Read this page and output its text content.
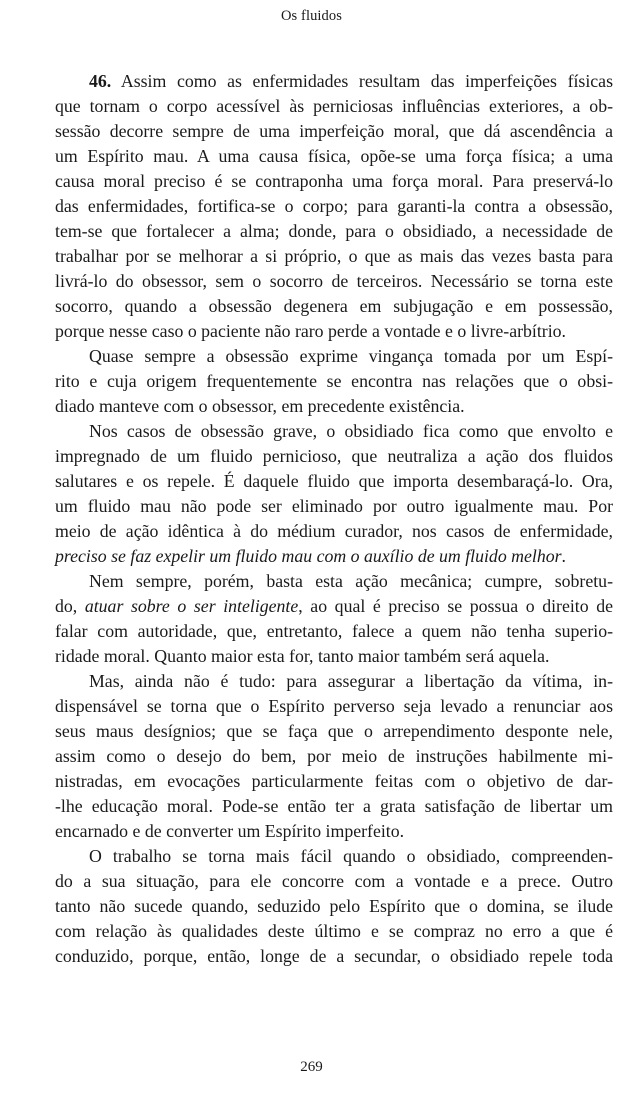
Os fluidos
46. Assim como as enfermidades resultam das imperfeições físicas
que tornam o corpo acessível às perniciosas influências exteriores, a ob-
sessão decorre sempre de uma imperfeição moral, que dá ascendência a
um Espírito mau. A uma causa física, opõe-se uma força física; a uma
causa moral preciso é se contraponha uma força moral. Para preservá-lo
das enfermidades, fortifica-se o corpo; para garanti-la contra a obsessão,
tem-se que fortalecer a alma; donde, para o obsidiado, a necessidade de
trabalhar por se melhorar a si próprio, o que as mais das vezes basta para
livrá-lo do obsessor, sem o socorro de terceiros. Necessário se torna este
socorro, quando a obsessão degenera em subjugação e em possessão,
porque nesse caso o paciente não raro perde a vontade e o livre-arbítrio.
Quase sempre a obsessão exprime vingança tomada por um Espí-
rito e cuja origem frequentemente se encontra nas relações que o obsi-
diado manteve com o obsessor, em precedente existência.
Nos casos de obsessão grave, o obsidiado fica como que envolto e
impregnado de um fluido pernicioso, que neutraliza a ação dos fluidos
salutares e os repele. É daquele fluido que importa desembaraçá-lo. Ora,
um fluido mau não pode ser eliminado por outro igualmente mau. Por
meio de ação idêntica à do médium curador, nos casos de enfermidade,
preciso se faz expelir um fluido mau com o auxílio de um fluido melhor.
Nem sempre, porém, basta esta ação mecânica; cumpre, sobretu-
do, atuar sobre o ser inteligente, ao qual é preciso se possua o direito de
falar com autoridade, que, entretanto, falece a quem não tenha superio-
ridade moral. Quanto maior esta for, tanto maior também será aquela.
Mas, ainda não é tudo: para assegurar a libertação da vítima, in-
dispensável se torna que o Espírito perverso seja levado a renunciar aos
seus maus desígnios; que se faça que o arrependimento desponte nele,
assim como o desejo do bem, por meio de instruções habilmente mi-
nistradas, em evocações particularmente feitas com o objetivo de dar-
-lhe educação moral. Pode-se então ter a grata satisfação de libertar um
encarnado e de converter um Espírito imperfeito.
O trabalho se torna mais fácil quando o obsidiado, compreenden-
do a sua situação, para ele concorre com a vontade e a prece. Outro
tanto não sucede quando, seduzido pelo Espírito que o domina, se ilude
com relação às qualidades deste último e se compraz no erro a que é
conduzido, porque, então, longe de a secundar, o obsidiado repele toda
269
